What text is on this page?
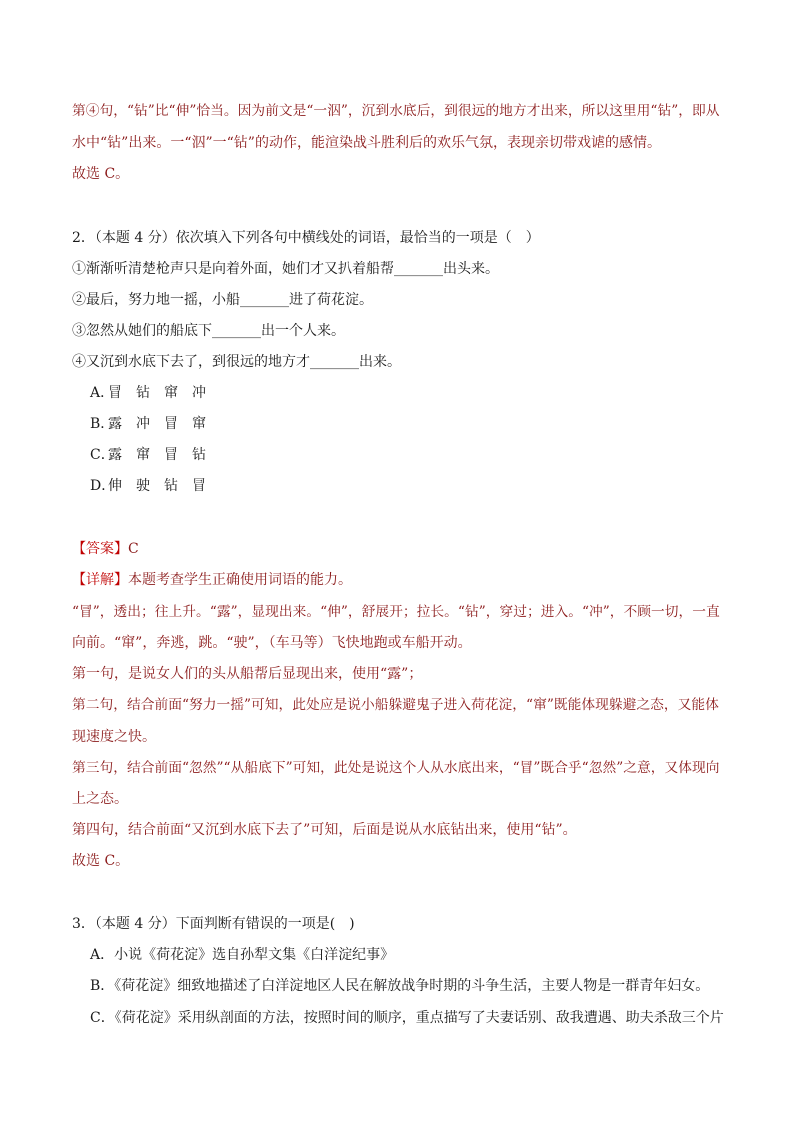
第④句，“钻”比“伸”恰当。因为前文是“一泅”，沉到水底后，到很远的地方才出来，所以这里用“钻”，即从
水中“钻”出来。一“泅”一“钻”的动作，能渲染战斗胜利后的欢乐气氛，表现亲切带戏谑的感情。
故选 C。
2．（本题 4 分）依次填入下列各句中横线处的词语，最恰当的一项是（　）
①渐渐听清楚枪声只是向着外面，她们才又扒着船帮_______出头来。
②最后，努力地一摇，小船_______进了荷花淀。
③忽然从她们的船底下_______出一个人来。
④又沉到水底下去了，到很远的地方才_______出来。
A．冒　钻　窜　冲
B．露　冲　冒　窜
C．露　窜　冒　钻
D．伸　驶　钻　冒
【答案】C
【详解】本题考查学生正确使用词语的能力。
“冒”，透出；往上升。“露”，显现出来。“伸”，舒展开；拉长。“钻”，穿过；进入。“冲”，不顾一切，一直
向前。“窜”，奔逃，跳。“驶”，（车马等）飞快地跑或车船开动。
第一句，是说女人们的头从船帮后显现出来，使用“露”；
第二句，结合前面“努力一摇”可知，此处应是说小船躲避鬼子进入荷花淀，“窜”既能体现躲避之态，又能体
现速度之快。
第三句，结合前面“忽然”“从船底下”可知，此处是说这个人从水底出来，“冒”既合乎“忽然”之意，又体现向
上之态。
第四句，结合前面“又沉到水底下去了”可知，后面是说从水底钻出来，使用“钻”。
故选 C。
3．（本题 4 分）下面判断有错误的一项是(　)
A．小说《荷花淀》选自孙犁文集《白洋淀纪事》
B．《荷花淀》细致地描述了白洋淀地区人民在解放战争时期的斗争生活，主要人物是一群青年妇女。
C．《荷花淀》采用纵剖面的方法，按照时间的顺序，重点描写了夫妻话别、敌我遭遇、助夫杀敌三个片
